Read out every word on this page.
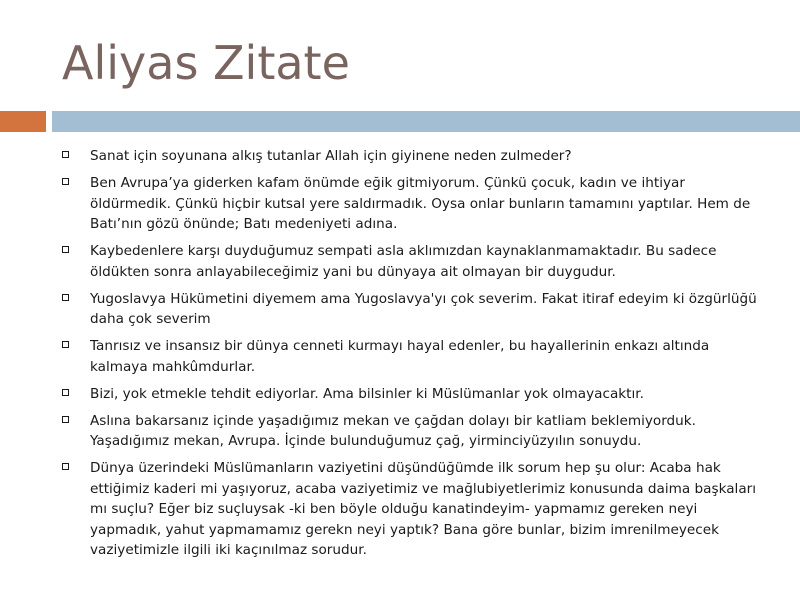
Aliyas Zitate
Sanat için soyunana alkış tutanlar Allah için giyinene neden zulmeder?
Ben Avrupa’ya giderken kafam önümde eğik gitmiyorum. Çünkü çocuk, kadın ve ihtiyar öldürmedik. Çünkü hiçbir kutsal yere saldırmadık. Oysa onlar bunların tamamını yaptılar. Hem de Batı’nın gözü önünde; Batı medeniyeti adına.
Kaybedenlere karşı duyduğumuz sempati asla aklımızdan kaynaklanmamaktadır. Bu sadece öldükten sonra anlayabileceğimiz yani bu dünyaya ait olmayan bir duygudur.
Yugoslavya Hükümetini diyemem ama Yugoslavya'yı çok severim. Fakat itiraf edeyim ki özgürlüğü daha çok severim
Tanrısız ve insansız bir dünya cenneti kurmayı hayal edenler, bu hayallerinin enkazı altında kalmaya mahkûmdurlar.
Bizi, yok etmekle tehdit ediyorlar. Ama bilsinler ki Müslümanlar yok olmayacaktır.
Aslına bakarsanız içinde yaşadığımız mekan ve çağdan dolayı bir katliam beklemiyorduk. Yaşadığımız mekan, Avrupa. İçinde bulunduğumuz çağ, yirminciyüzyılın sonuydu.
Dünya üzerindeki Müslümanların vaziyetini düşündüğümde ilk sorum hep şu olur: Acaba hak ettiğimiz kaderi mi yaşıyoruz, acaba vaziyetimiz ve mağlubiyetlerimiz konusunda daima başkaları mı suçlu? Eğer biz suçluysak -ki ben böyle olduğu kanatindeyim- yapmamız gereken neyi yapmadık, yahut yapmamamız gerekn neyi yaptık? Bana göre bunlar, bizim imrenilmeyecek vaziyetimizle ilgili iki kaçınılmaz sorudur.
